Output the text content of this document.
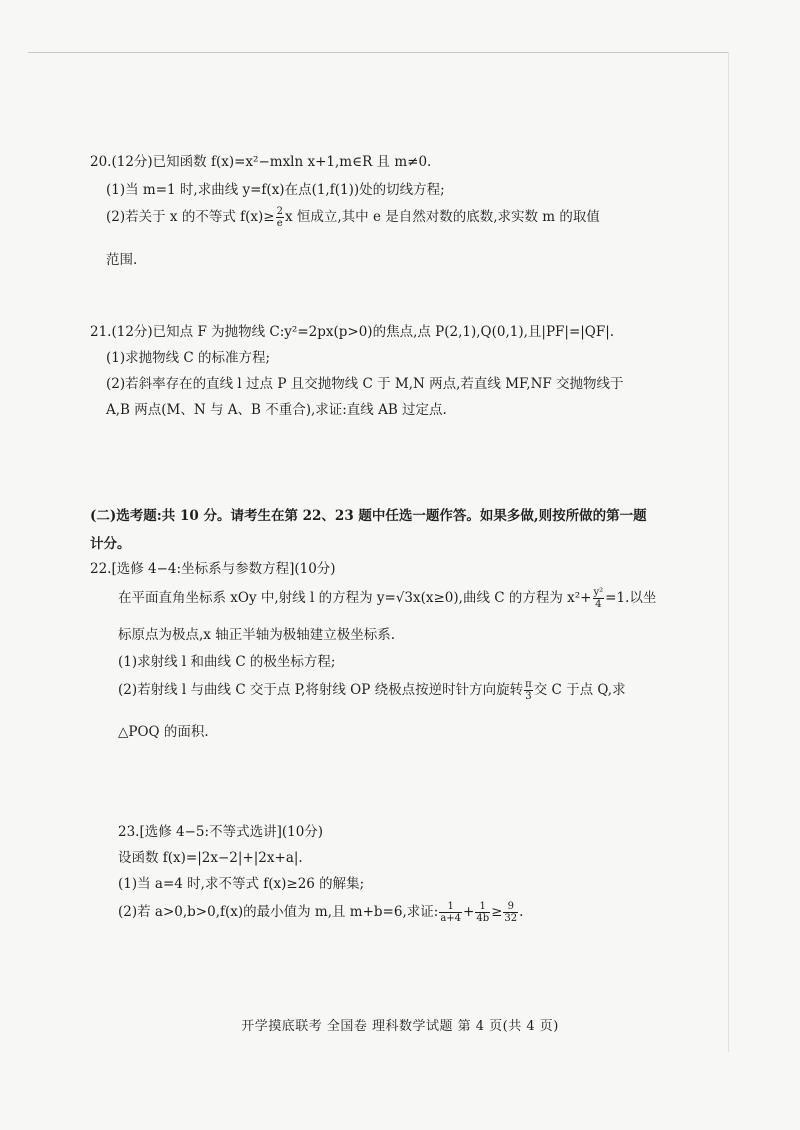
20.(12分)已知函数 f(x)=x²−mxln x+1,m∈R 且 m≠0.
(1)当 m=1 时,求曲线 y=f(x)在点(1,f(1))处的切线方程;
(2)若关于 x 的不等式 $f(x)\ge \frac{2}{e}$ x 恒成立,其中 e 是自然对数的底数,求实数 m 的取值
范围.
21.(12分)已知点 F 为抛物线 C:y²=2px(p>0)的焦点,点 P(2,1),Q(0,1),且|PF|=|QF|.
(1)求抛物线 C 的标准方程;
(2)若斜率存在的直线 l 过点 P 且交抛物线 C 于 M,N 两点,若直线 MF,NF 交抛物线于
A,B 两点(M、N 与 A、B 不重合),求证:直线 AB 过定点.
(二)选考题:共 10 分。请考生在第 22、23 题中任选一题作答。如果多做,则按所做的第一题
计分。
22.[选修 4−4:坐标系与参数方程](10分)
在平面直角坐标系 xOy 中,射线 l 的方程为 y=√3x(x≥0),曲线 C 的方程为 $x^2+ \frac{\text{y²}}{4} =1$.以坐
标原点为极点,x 轴正半轴为极轴建立极坐标系.
(1)求射线 l 和曲线 C 的极坐标方程;
(2)若射线 l 与曲线 C 交于点 P,将射线 OP 绕极点按逆时针方向旋转 $\frac{\pi}{3}$ 交 C 于点 Q,求
△POQ 的面积.
23.[选修 4−5:不等式选讲](10分)
设函数 f(x)=|2x−2|+|2x+a|.
(1)当 a=4 时,求不等式 f(x)≥26 的解集;
(2)若 a>0,b>0,f(x)的最小值为 m,且 m+b=6,求证: $\frac{1}{a+4} + \frac{1}{4b} \ge \frac{9}{32}$ .
开学摸底联考 全国卷 理科数学试题 第 4 页(共 4 页)
